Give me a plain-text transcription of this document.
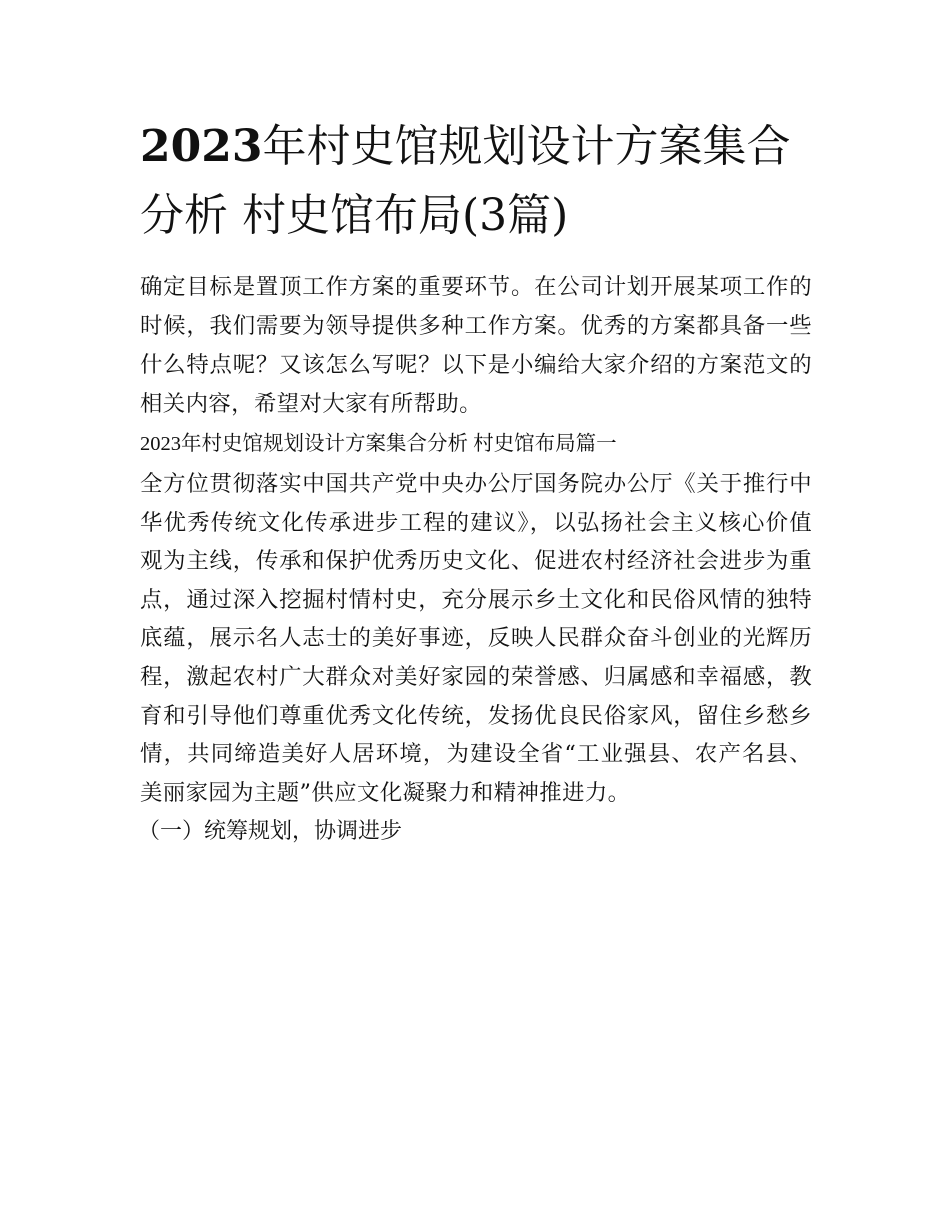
2023年村史馆规划设计方案集合分析 村史馆布局(3篇)

确定目标是置顶工作方案的重要环节。在公司计划开展某项工作的时候，我们需要为领导提供多种工作方案。优秀的方案都具备一些什么特点呢？又该怎么写呢？以下是小编给大家介绍的方案范文的相关内容，希望对大家有所帮助。

2023年村史馆规划设计方案集合分析 村史馆布局篇一

全方位贯彻落实中国共产党中央办公厅国务院办公厅《关于推行中华优秀传统文化传承进步工程的建议》，以弘扬社会主义核心价值观为主线，传承和保护优秀历史文化、促进农村经济社会进步为重点，通过深入挖掘村情村史，充分展示乡土文化和民俗风情的独特底蕴，展示名人志士的美好事迹，反映人民群众奋斗创业的光辉历程，激起农村广大群众对美好家园的荣誉感、归属感和幸福感，教育和引导他们尊重优秀文化传统，发扬优良民俗家风，留住乡愁乡情，共同缔造美好人居环境，为建设全省“工业强县、农产名县、美丽家园为主题”供应文化凝聚力和精神推进力。

（一）统筹规划，协调进步
